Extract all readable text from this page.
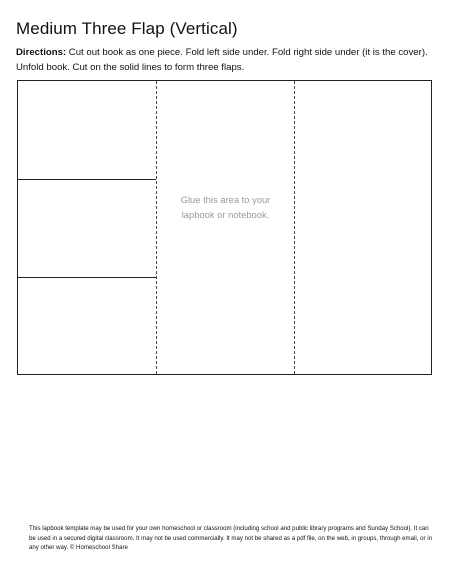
Medium Three Flap (Vertical)
Directions: Cut out book as one piece. Fold left side under. Fold right side under (it is the cover). Unfold book. Cut on the solid lines to form three flaps.
Glue this area to your lapbook or notebook.
This lapbook template may be used for your own homeschool or classroom (including school and public library programs and Sunday School). It can be used in a secured digital classroom. It may not be used commercially. It may not be shared as a pdf file, on the web, in groups, through email, or in any other way. © Homeschool Share
